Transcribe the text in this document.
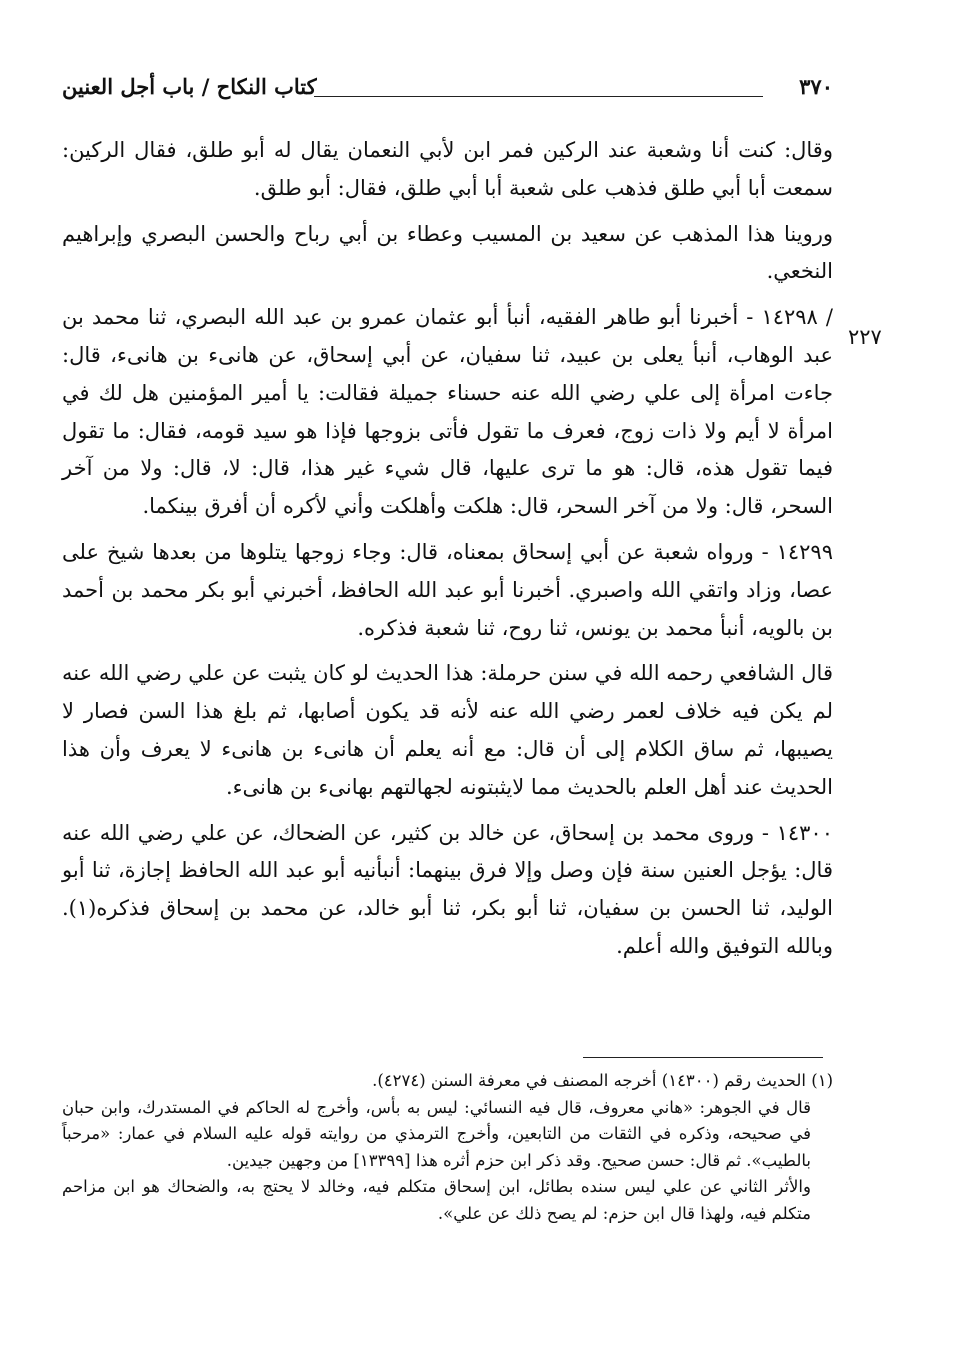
٣٧٠
كتاب النكاح / باب أجل العنين
٢٢٧

وقال: كنت أنا وشعبة عند الركين فمر ابن لأبي النعمان يقال له أبو طلق، فقال الركين: سمعت أبا أبي طلق فذهب على شعبة أبا أبي طلق، فقال: أبو طلق.

وروينا هذا المذهب عن سعيد بن المسيب وعطاء بن أبي رباح والحسن البصري وإبراهيم النخعي.

/ ١٤٢٩٨ - أخبرنا أبو طاهر الفقيه، أنبأ أبو عثمان عمرو بن عبد الله البصري، ثنا محمد بن عبد الوهاب، أنبأ يعلى بن عبيد، ثنا سفيان، عن أبي إسحاق، عن هانىء بن هانىء، قال: جاءت امرأة إلى علي رضي الله عنه حسناء جميلة فقالت: يا أمير المؤمنين هل لك في امرأة لا أيم ولا ذات زوج، فعرف ما تقول فأتى بزوجها فإذا هو سيد قومه، فقال: ما تقول فيما تقول هذه، قال: هو ما ترى عليها، قال شيء غير هذا، قال: لا، قال: ولا من آخر السحر، قال: ولا من آخر السحر، قال: هلكت وأهلكت وأني لأكره أن أفرق بينكما.

١٤٢٩٩ - ورواه شعبة عن أبي إسحاق بمعناه، قال: وجاء زوجها يتلوها من بعدها شيخ على عصا، وزاد واتقي الله واصبري. أخبرنا أبو عبد الله الحافظ، أخبرني أبو بكر محمد بن أحمد بن بالويه، أنبأ محمد بن يونس، ثنا روح، ثنا شعبة فذكره.

قال الشافعي رحمه الله في سنن حرملة: هذا الحديث لو كان يثبت عن علي رضي الله عنه لم يكن فيه خلاف لعمر رضي الله عنه لأنه قد يكون أصابها، ثم بلغ هذا السن فصار لا يصيبها، ثم ساق الكلام إلى أن قال: مع أنه يعلم أن هانىء بن هانىء لا يعرف وأن هذا الحديث عند أهل العلم بالحديث مما لايثبتونه لجهالتهم بهانىء بن هانىء.

١٤٣٠٠ - وروى محمد بن إسحاق، عن خالد بن كثير، عن الضحاك، عن علي رضي الله عنه قال: يؤجل العنين سنة فإن وصل وإلا فرق بينهما: أنبأنيه أبو عبد الله الحافظ إجازة، ثنا أبو الوليد، ثنا الحسن بن سفيان، ثنا أبو بكر، ثنا أبو خالد، عن محمد بن إسحاق فذكره(١). وبالله التوفيق والله أعلم.

(١) الحديث رقم (١٤٣٠٠) أخرجه المصنف في معرفة السنن (٤٢٧٤).

قال في الجوهر: «هاني معروف، قال فيه النسائي: ليس به بأس، وأخرج له الحاكم في المستدرك، وابن حبان في صحيحه، وذكره في الثقات من التابعين، وأخرج الترمذي من روايته قوله عليه السلام في عمار: «مرحباً بالطيب». ثم قال: حسن صحيح. وقد ذكر ابن حزم أثره هذا [١٣٣٩٩] من وجهين جيدين.

والأثر الثاني عن علي ليس سنده بطائل، ابن إسحاق متكلم فيه، وخالد لا يحتج به، والضحاك هو ابن مزاحم متكلم فيه، ولهذا قال ابن حزم: لم يصح ذلك عن علي».
